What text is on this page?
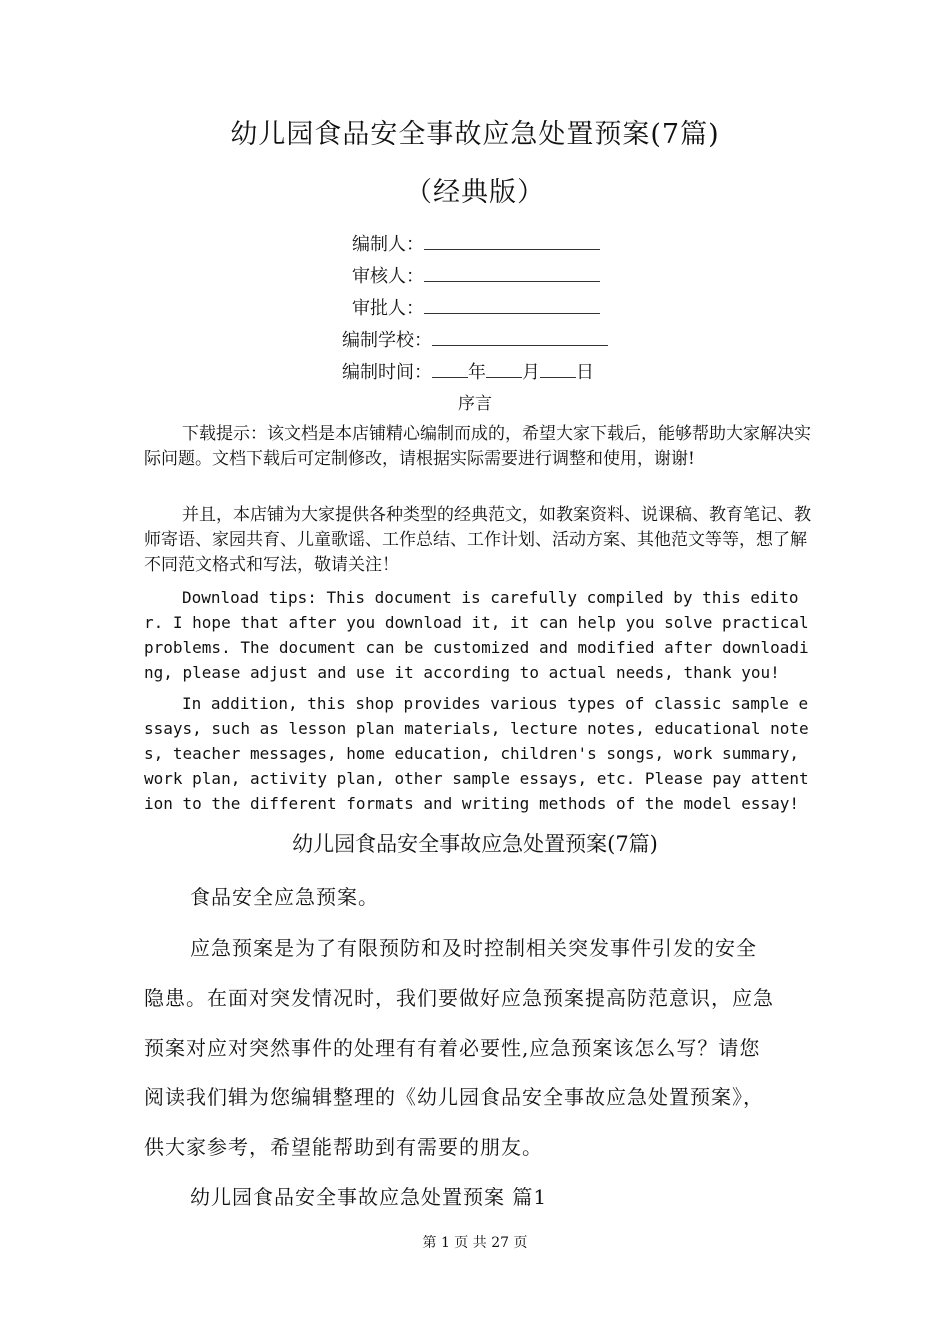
幼儿园食品安全事故应急处置预案(7篇)
（经典版）
编制人：
审核人：
审批人：
编制学校：
编制时间： 年 月 日
序言

下载提示：该文档是本店铺精心编制而成的，希望大家下载后，能够帮助大家解决实际问题。文档下载后可定制修改，请根据实际需要进行调整和使用，谢谢!

并且，本店铺为大家提供各种类型的经典范文，如教案资料、说课稿、教育笔记、教师寄语、家园共育、儿童歌谣、工作总结、工作计划、活动方案、其他范文等等，想了解不同范文格式和写法，敬请关注！

Download tips: This document is carefully compiled by this editor. I hope that after you download it, it can help you solve practical problems. The document can be customized and modified after downloading, please adjust and use it according to actual needs, thank you!

In addition, this shop provides various types of classic sample essays, such as lesson plan materials, lecture notes, educational notes, teacher messages, home education, children's songs, work summary, work plan, activity plan, other sample essays, etc. Please pay attention to the different formats and writing methods of the model essay!

幼儿园食品安全事故应急处置预案(7篇)
食品安全应急预案。
应急预案是为了有限预防和及时控制相关突发事件引发的安全
隐患。在面对突发情况时，我们要做好应急预案提高防范意识，应急
预案对应对突然事件的处理有有着必要性,应急预案该怎么写？请您
阅读我们辑为您编辑整理的《幼儿园食品安全事故应急处置预案》，
供大家参考，希望能帮助到有需要的朋友。
幼儿园食品安全事故应急处置预案 篇1
第 1 页 共 27 页
